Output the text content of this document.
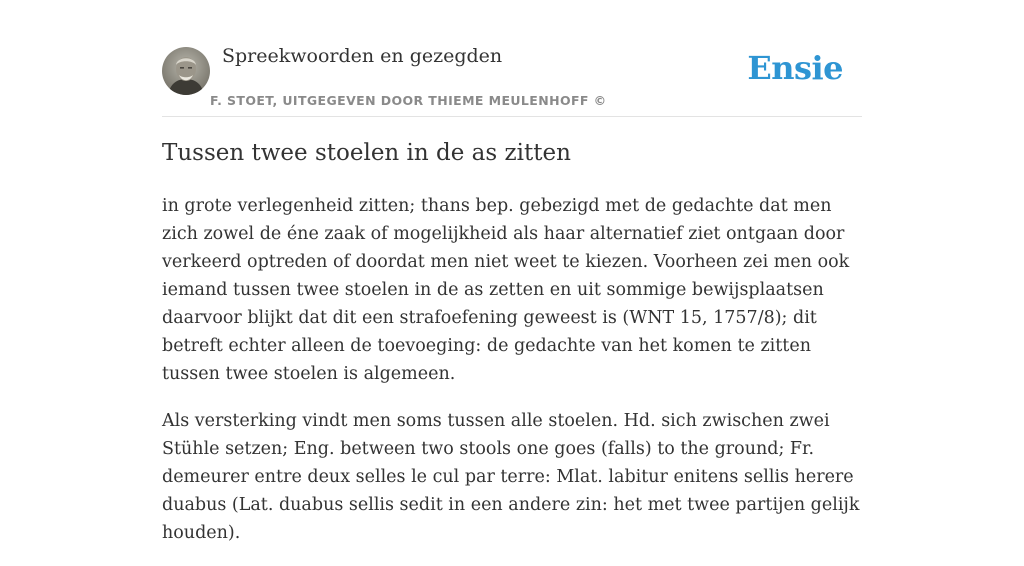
Spreekwoorden en gezegden
F. STOET, UITGEGEVEN DOOR THIEME MEULENHOFF ©
Ensie
Tussen twee stoelen in de as zitten

in grote verlegenheid zitten; thans bep. gebezigd met de gedachte dat men zich zowel de éne zaak of mogelijkheid als haar alternatief ziet ontgaan door verkeerd optreden of doordat men niet weet te kiezen. Voorheen zei men ook iemand tussen twee stoelen in de as zetten en uit sommige bewijsplaatsen daarvoor blijkt dat dit een strafoefening geweest is (WNT 15, 1757/8); dit betreft echter alleen de toevoeging: de gedachte van het komen te zitten tussen twee stoelen is algemeen.

Als versterking vindt men soms tussen alle stoelen. Hd. sich zwischen zwei Stühle setzen; Eng. between two stools one goes (falls) to the ground; Fr. demeurer entre deux selles le cul par terre: Mlat. labitur enitens sellis herere duabus (Lat. duabus sellis sedit in een andere zin: het met twee partijen gelijk houden).
